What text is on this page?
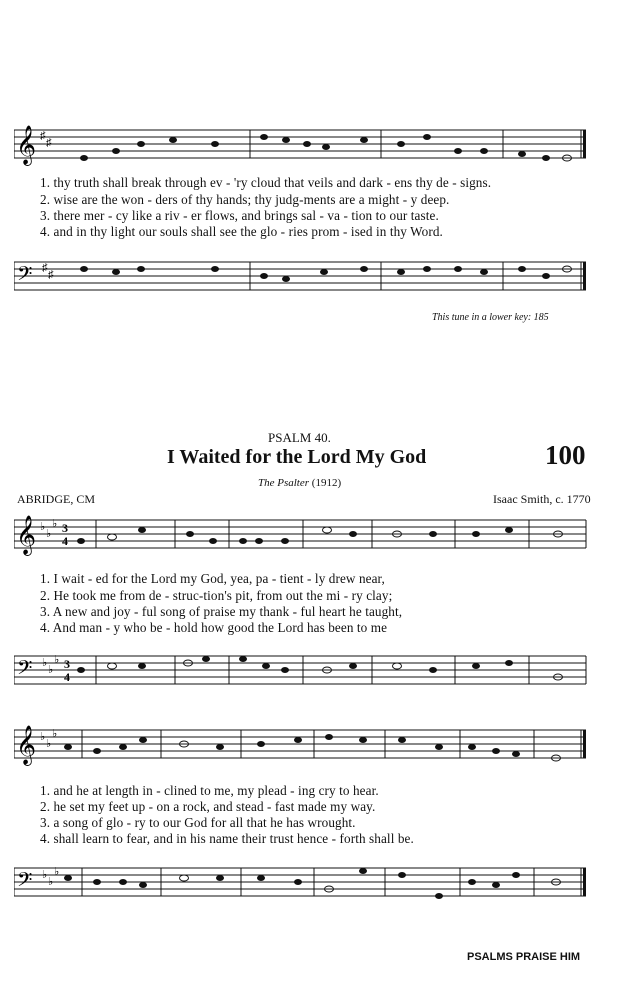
𝄞 ♯
♯
1. thy truth shall break through ev - 'ry cloud that veils and dark - ens thy de - signs.
2. wise are the won - ders of thy hands; thy judg-ments are a might - y deep.
3. there mer - cy like a riv - er flows, and brings sal - va - tion to our taste.
4. and in thy light our souls shall see the glo - ries prom - ised in thy Word.
𝄢 ♯
♯
This tune in a lower key: 185
PSALM 40.
I Waited for the Lord My God	100
The Psalter (1912)
ABRIDGE, CM	Isaac Smith, c. 1770
𝄞 ♭
♭
♭ 3
4
1. I wait - ed for the Lord my God, yea, pa - tient - ly drew near,
2. He took me from de - struc-tion's pit, from out the mi - ry clay;
3. A new and joy - ful song of praise my thank - ful heart he taught,
4. And man - y who be - hold how good the Lord has been to me
𝄢 ♭
♭
♭ 3
4
𝄞 ♭
♭
♭
1. and he at length in - clined to me, my plead - ing cry to hear.
2. he set my feet up - on a rock, and stead - fast made my way.
3. a song of glo - ry to our God for all that he has wrought.
4. shall learn to fear, and in his name their trust hence - forth shall be.
𝄢 ♭
♭
♭
PSALMS PRAISE HIM
